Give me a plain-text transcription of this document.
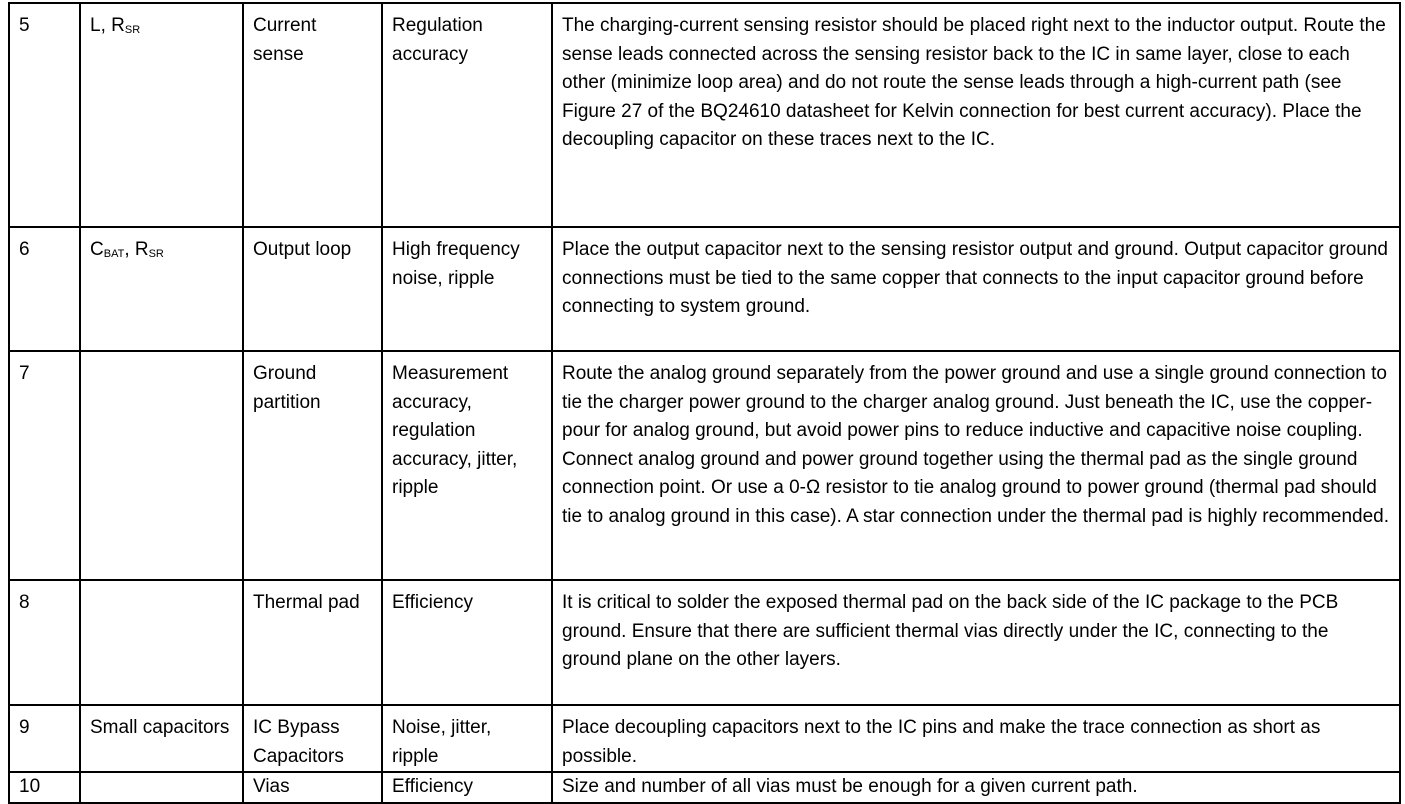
5	L, RSR	Current sense	Regulation accuracy	The charging-current sensing resistor should be placed right next to the inductor output. Route the sense leads connected across the sensing resistor back to the IC in same layer, close to each other (minimize loop area) and do not route the sense leads through a high-current path (see Figure 27 of the BQ24610 datasheet for Kelvin connection for best current accuracy). Place the decoupling capacitor on these traces next to the IC.

6	CBAT, RSR	Output loop	High frequency noise, ripple	Place the output capacitor next to the sensing resistor output and ground. Output capacitor ground connections must be tied to the same copper that connects to the input capacitor ground before connecting to system ground.

7		Ground partition	Measurement accuracy, regulation accuracy, jitter, ripple	Route the analog ground separately from the power ground and use a single ground connection to tie the charger power ground to the charger analog ground. Just beneath the IC, use the copper-pour for analog ground, but avoid power pins to reduce inductive and capacitive noise coupling. Connect analog ground and power ground together using the thermal pad as the single ground connection point. Or use a 0-Ω resistor to tie analog ground to power ground (thermal pad should tie to analog ground in this case). A star connection under the thermal pad is highly recommended.

8		Thermal pad	Efficiency	It is critical to solder the exposed thermal pad on the back side of the IC package to the PCB ground. Ensure that there are sufficient thermal vias directly under the IC, connecting to the ground plane on the other layers.

9	Small capacitors	IC Bypass Capacitors	Noise, jitter, ripple	Place decoupling capacitors next to the IC pins and make the trace connection as short as possible.

10		Vias	Efficiency	Size and number of all vias must be enough for a given current path.
